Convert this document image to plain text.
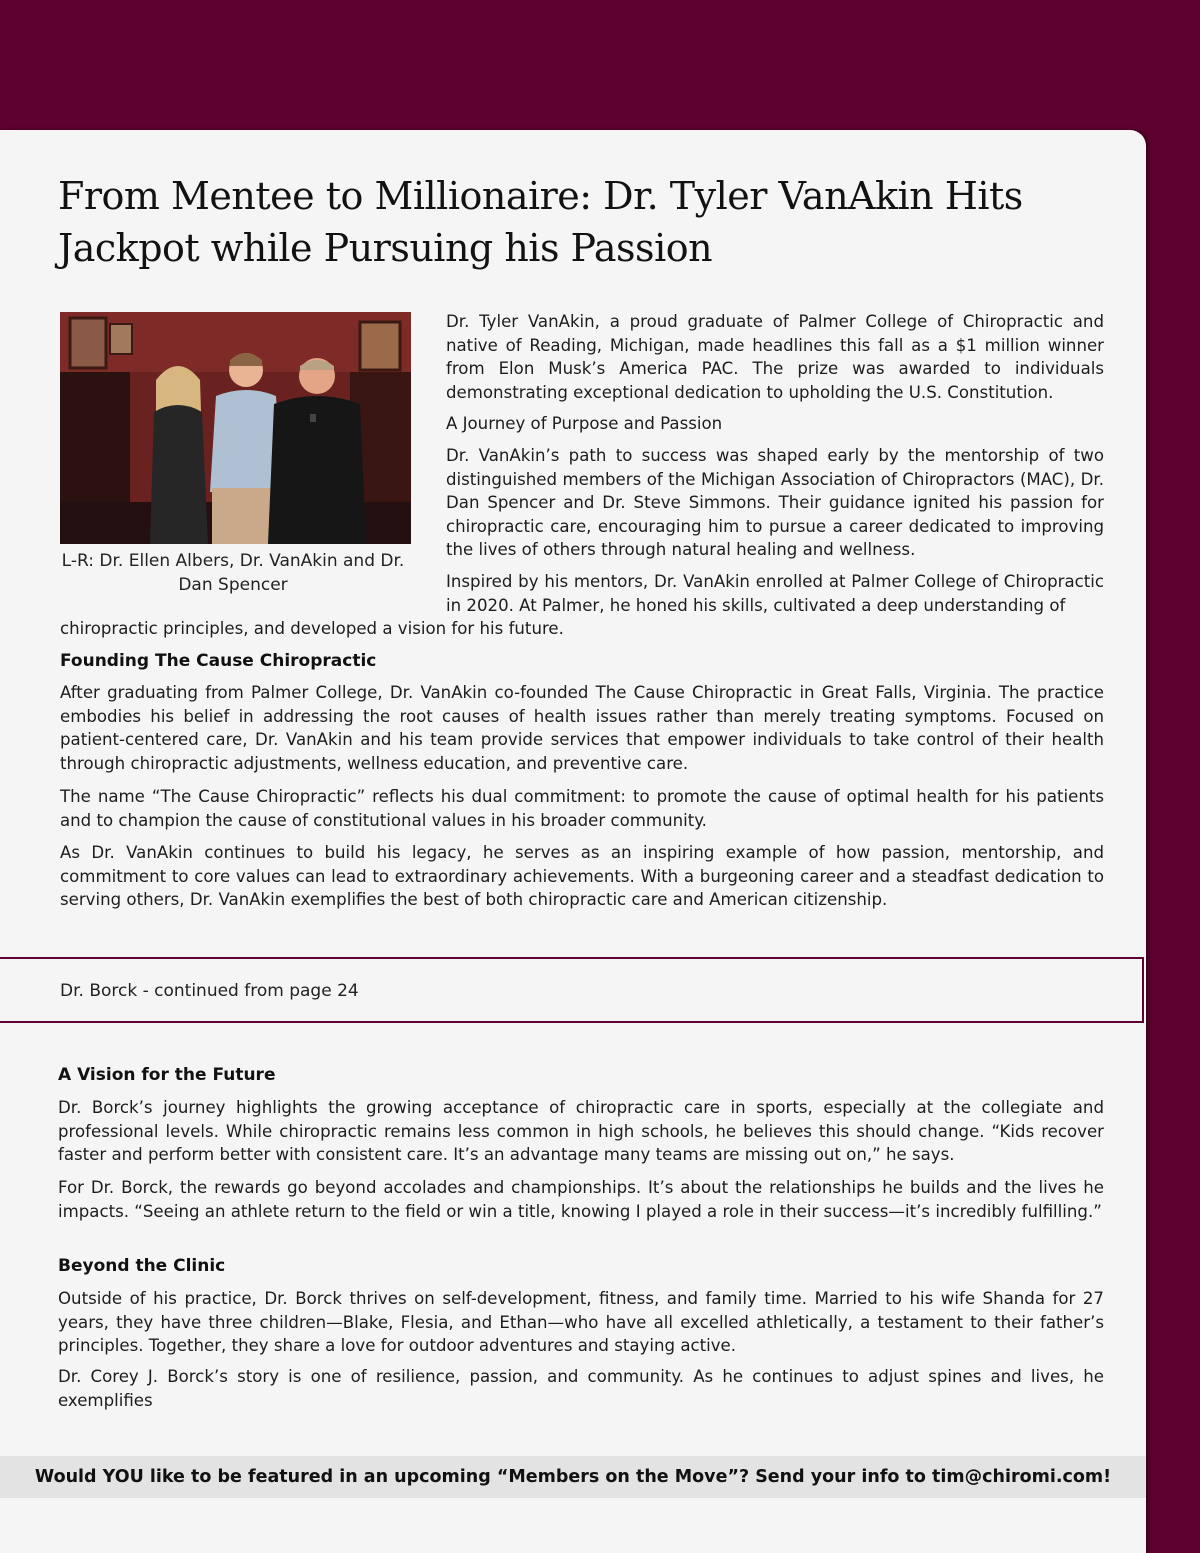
From Mentee to Millionaire: Dr. Tyler VanAkin Hits Jackpot while Pursuing his Passion
L-R: Dr. Ellen Albers, Dr. VanAkin and Dr. Dan Spencer

Dr. Tyler VanAkin, a proud graduate of Palmer College of Chiropractic and native of Reading, Michigan, made headlines this fall as a $1 million winner from Elon Musk’s America PAC. The prize was awarded to individuals demonstrating exceptional dedication to upholding the U.S. Constitution.

A Journey of Purpose and Passion

Dr. VanAkin’s path to success was shaped early by the mentorship of two distinguished members of the Michigan Association of Chiropractors (MAC), Dr. Dan Spencer and Dr. Steve Simmons. Their guidance ignited his passion for chiropractic care, encouraging him to pursue a career dedicated to improving the lives of others through natural healing and wellness.

Inspired by his mentors, Dr. VanAkin enrolled at Palmer College of Chiropractic in 2020. At Palmer, he honed his skills, cultivated a deep understanding of

chiropractic principles, and developed a vision for his future.

Founding The Cause Chiropractic

After graduating from Palmer College, Dr. VanAkin co-founded The Cause Chiropractic in Great Falls, Virginia. The practice embodies his belief in addressing the root causes of health issues rather than merely treating symptoms. Focused on patient-centered care, Dr. VanAkin and his team provide services that empower individuals to take control of their health through chiropractic adjustments, wellness education, and preventive care.

The name “The Cause Chiropractic” reflects his dual commitment: to promote the cause of optimal health for his patients and to champion the cause of constitutional values in his broader community.

As Dr. VanAkin continues to build his legacy, he serves as an inspiring example of how passion, mentorship, and commitment to core values can lead to extraordinary achievements. With a burgeoning career and a steadfast dedication to serving others, Dr. VanAkin exemplifies the best of both chiropractic care and American citizenship.

Dr. Borck - continued from page 24
A Vision for the Future

Dr. Borck’s journey highlights the growing acceptance of chiropractic care in sports, especially at the collegiate and professional levels. While chiropractic remains less common in high schools, he believes this should change. “Kids recover faster and perform better with consistent care. It’s an advantage many teams are missing out on,” he says.

For Dr. Borck, the rewards go beyond accolades and championships. It’s about the relationships he builds and the lives he impacts. “Seeing an athlete return to the field or win a title, knowing I played a role in their success—it’s incredibly fulfilling.”

Beyond the Clinic

Outside of his practice, Dr. Borck thrives on self-development, fitness, and family time. Married to his wife Shanda for 27 years, they have three children—Blake, Flesia, and Ethan—who have all excelled athletically, a testament to their father’s principles. Together, they share a love for outdoor adventures and staying active.

Dr. Corey J. Borck’s story is one of resilience, passion, and community. As he continues to adjust spines and lives, he exemplifies

Would YOU like to be featured in an upcoming “Members on the Move”? Send your info to tim@chiromi.com!
